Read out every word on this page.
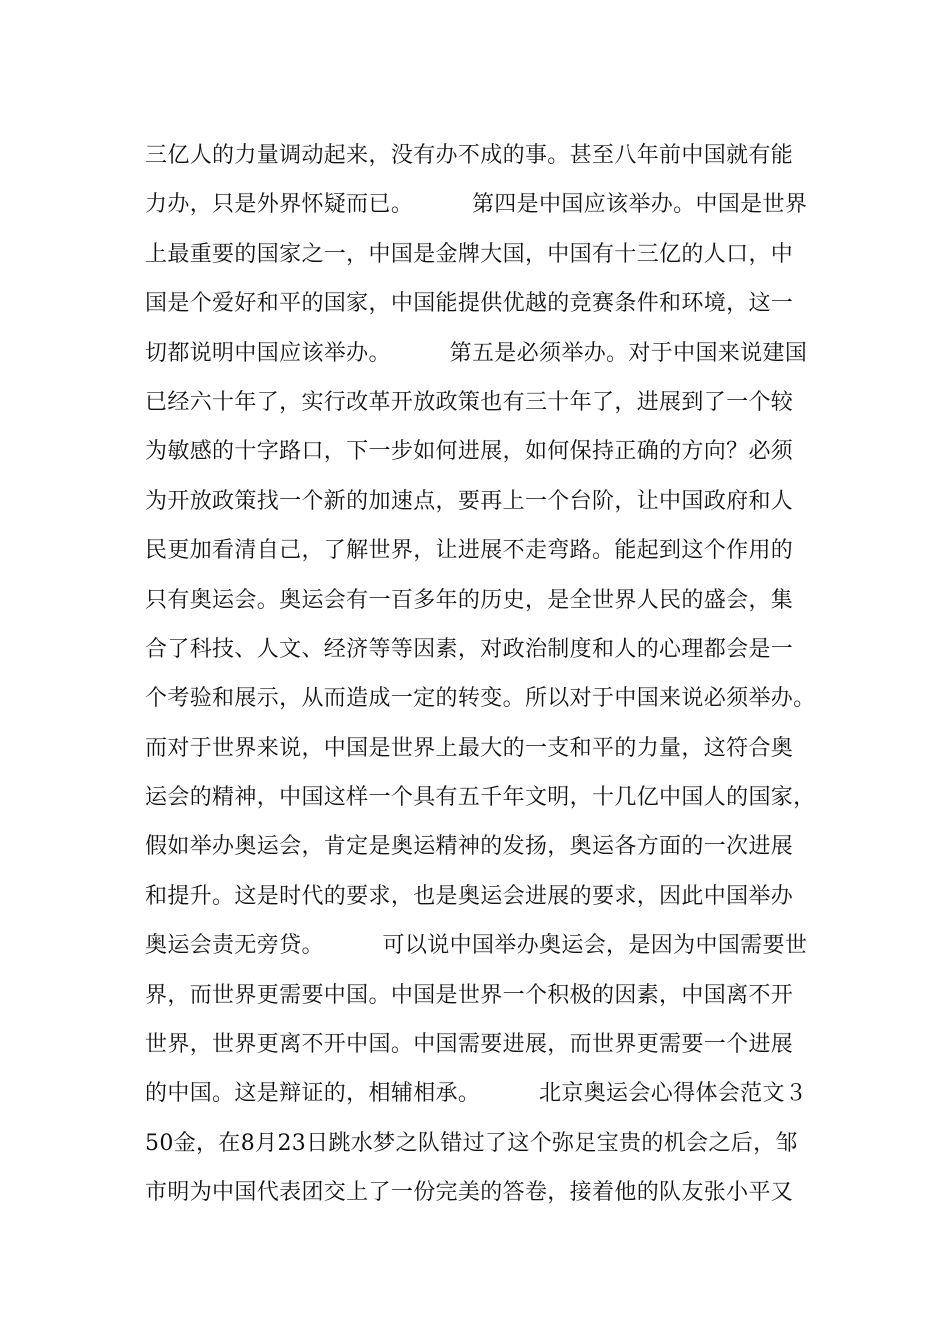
三亿人的力量调动起来，没有办不成的事。甚至八年前中国就有能
力办，只是外界怀疑而已。        第四是中国应该举办。中国是世界
上最重要的国家之一，中国是金牌大国，中国有十三亿的人口，中
国是个爱好和平的国家，中国能提供优越的竞赛条件和环境，这一
切都说明中国应该举办。        第五是必须举办。对于中国来说建国
已经六十年了，实行改革开放政策也有三十年了，进展到了一个较
为敏感的十字路口，下一步如何进展，如何保持正确的方向？必须
为开放政策找一个新的加速点，要再上一个台阶，让中国政府和人
民更加看清自己，了解世界，让进展不走弯路。能起到这个作用的
只有奥运会。奥运会有一百多年的历史，是全世界人民的盛会，集
合了科技、人文、经济等等因素，对政治制度和人的心理都会是一
个考验和展示，从而造成一定的转变。所以对于中国来说必须举办。
而对于世界来说，中国是世界上最大的一支和平的力量，这符合奥
运会的精神，中国这样一个具有五千年文明，十几亿中国人的国家，
假如举办奥运会，肯定是奥运精神的发扬，奥运各方面的一次进展
和提升。这是时代的要求，也是奥运会进展的要求，因此中国举办
奥运会责无旁贷。        可以说中国举办奥运会，是因为中国需要世
界，而世界更需要中国。中国是世界一个积极的因素，中国离不开
世界，世界更离不开中国。中国需要进展，而世界更需要一个进展
的中国。这是辩证的，相辅相承。        北京奥运会心得体会范文３
50金，在8月23日跳水梦之队错过了这个弥足宝贵的机会之后，邹
市明为中国代表团交上了一份完美的答卷，接着他的队友张小平又
